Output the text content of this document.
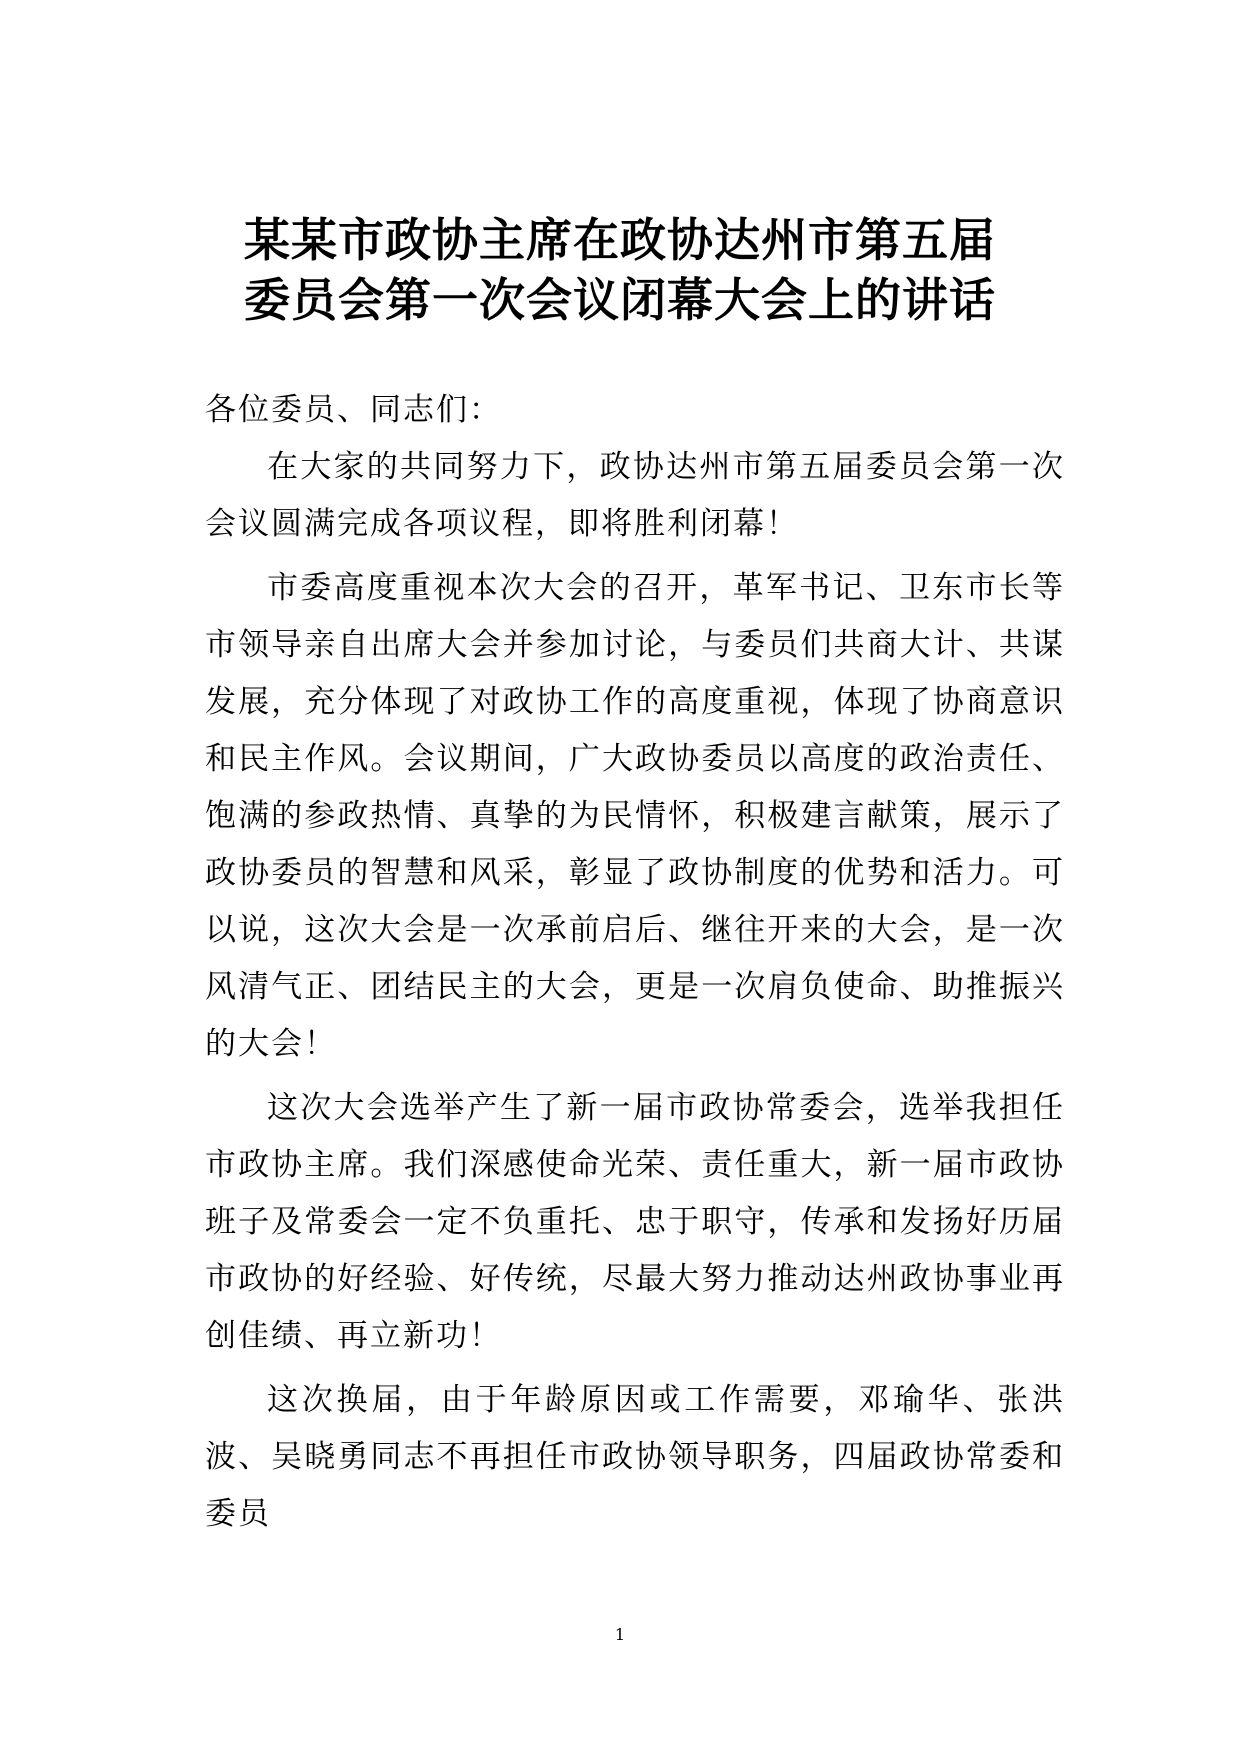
某某市政协主席在政协达州市第五届
委员会第一次会议闭幕大会上的讲话

各位委员、同志们：

在大家的共同努力下，政协达州市第五届委员会第一次会议圆满完成各项议程，即将胜利闭幕！

市委高度重视本次大会的召开，革军书记、卫东市长等市领导亲自出席大会并参加讨论，与委员们共商大计、共谋发展，充分体现了对政协工作的高度重视，体现了协商意识和民主作风。会议期间，广大政协委员以高度的政治责任、饱满的参政热情、真挚的为民情怀，积极建言献策，展示了政协委员的智慧和风采，彰显了政协制度的优势和活力。可以说，这次大会是一次承前启后、继往开来的大会，是一次风清气正、团结民主的大会，更是一次肩负使命、助推振兴的大会！

这次大会选举产生了新一届市政协常委会，选举我担任市政协主席。我们深感使命光荣、责任重大，新一届市政协班子及常委会一定不负重托、忠于职守，传承和发扬好历届市政协的好经验、好传统，尽最大努力推动达州政协事业再创佳绩、再立新功！

这次换届，由于年龄原因或工作需要，邓瑜华、张洪波、吴晓勇同志不再担任市政协领导职务，四届政协常委和委员

1
